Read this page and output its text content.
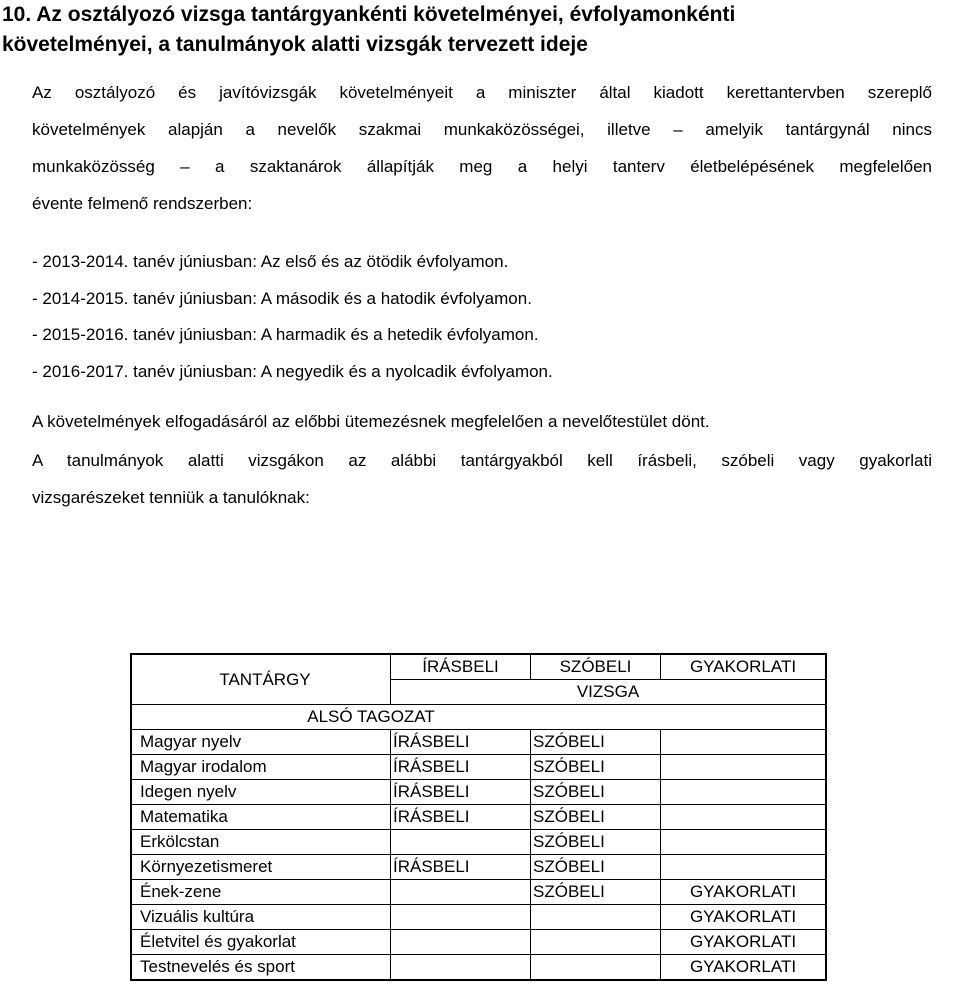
10. Az osztályozó vizsga tantárgyankénti követelményei, évfolyamonkénti
követelményei, a tanulmányok alatti vizsgák tervezett ideje
Az osztályozó és javítóvizsgák követelményeit a miniszter által kiadott kerettantervben szereplő
követelmények alapján a nevelők szakmai munkaközösségei, illetve – amelyik tantárgynál nincs
munkaközösség – a szaktanárok állapítják meg a helyi tanterv életbelépésének megfelelően
évente felmenő rendszerben:
- 2013-2014. tanév júniusban: Az első és az ötödik évfolyamon.
- 2014-2015. tanév júniusban: A második és a hatodik évfolyamon.
- 2015-2016. tanév júniusban: A harmadik és a hetedik évfolyamon.
- 2016-2017. tanév júniusban: A negyedik és a nyolcadik évfolyamon.
A követelmények elfogadásáról az előbbi ütemezésnek megfelelően a nevelőtestület dönt.
A tanulmányok alatti vizsgákon az alábbi tantárgyakból kell írásbeli, szóbeli vagy gyakorlati
vizsgarészeket tenniük a tanulóknak:
TANTÁRGY	ÍRÁSBELI	SZÓBELI	GYAKORLATI
	VIZSGA		
ALSÓ TAGOZAT			
Magyar nyelv	ÍRÁSBELI	SZÓBELI	
Magyar irodalom	ÍRÁSBELI	SZÓBELI	
Idegen nyelv	ÍRÁSBELI	SZÓBELI	
Matematika	ÍRÁSBELI	SZÓBELI	
Erkölcstan		SZÓBELI	
Környezetismeret	ÍRÁSBELI	SZÓBELI	
Ének-zene		SZÓBELI	GYAKORLATI
Vizuális kultúra			GYAKORLATI
Életvitel és gyakorlat			GYAKORLATI
Testnevelés és sport			GYAKORLATI
